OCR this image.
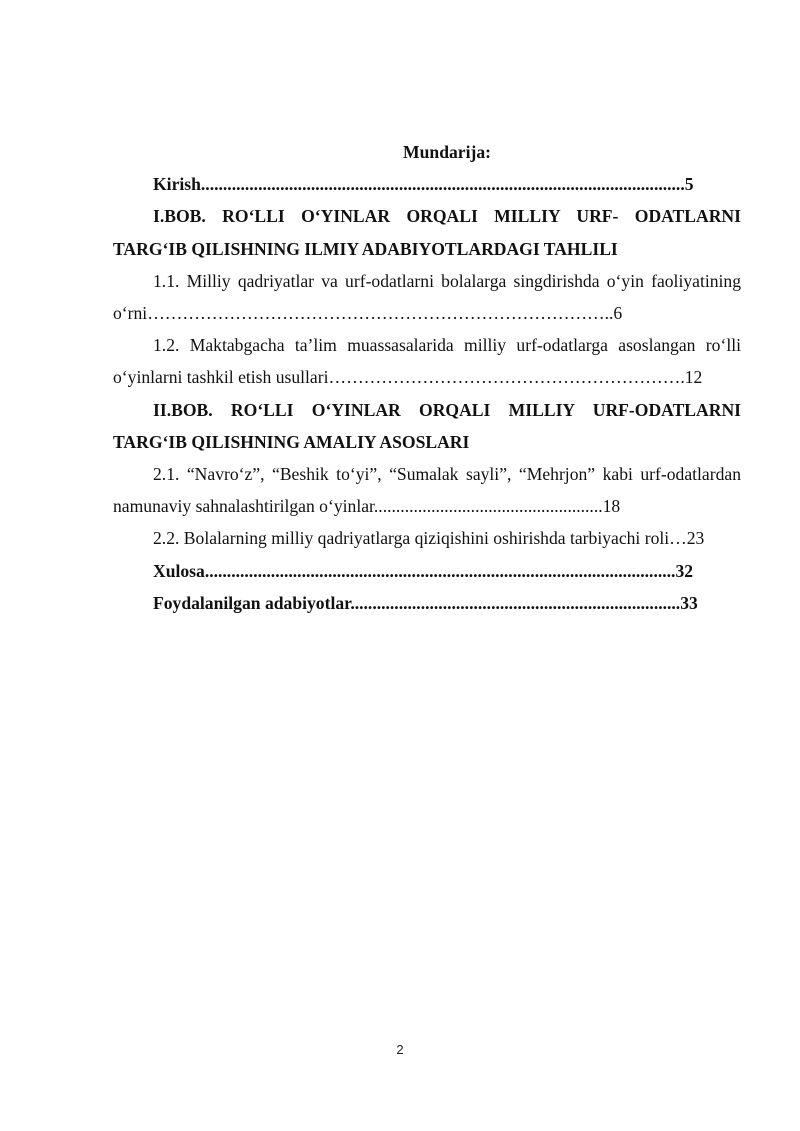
Mundarija:

Kirish..............................................................................................................5

I.BOB. RO‘LLI O‘YINLAR ORQALI MILLIY URF- ODATLARNI TARG‘IB QILISHNING ILMIY ADABIYOTLARDAGI TAHLILI

1.1. Milliy qadriyatlar va urf-odatlarni bolalarga singdirishda o‘yin faoliyatining o‘rni……………………………………………………………………..6

1.2. Maktabgacha ta’lim muassasalarida milliy urf-odatlarga asoslangan ro‘lli o‘yinlarni tashkil etish usullari…………………………………………………….12

II.BOB. RO‘LLI O‘YINLAR ORQALI MILLIY URF-ODATLARNI TARG‘IB QILISHNING AMALIY ASOSLARI

2.1. “Navro‘z”, “Beshik to‘yi”, “Sumalak sayli”, “Mehrjon” kabi urf-odatlardan namunaviy sahnalashtirilgan o‘yinlar....................................................18

2.2. Bolalarning milliy qadriyatlarga qiziqishini oshirishda tarbiyachi roli…23

Xulosa...........................................................................................................32

Foydalanilgan adabiyotlar...........................................................................33

2
